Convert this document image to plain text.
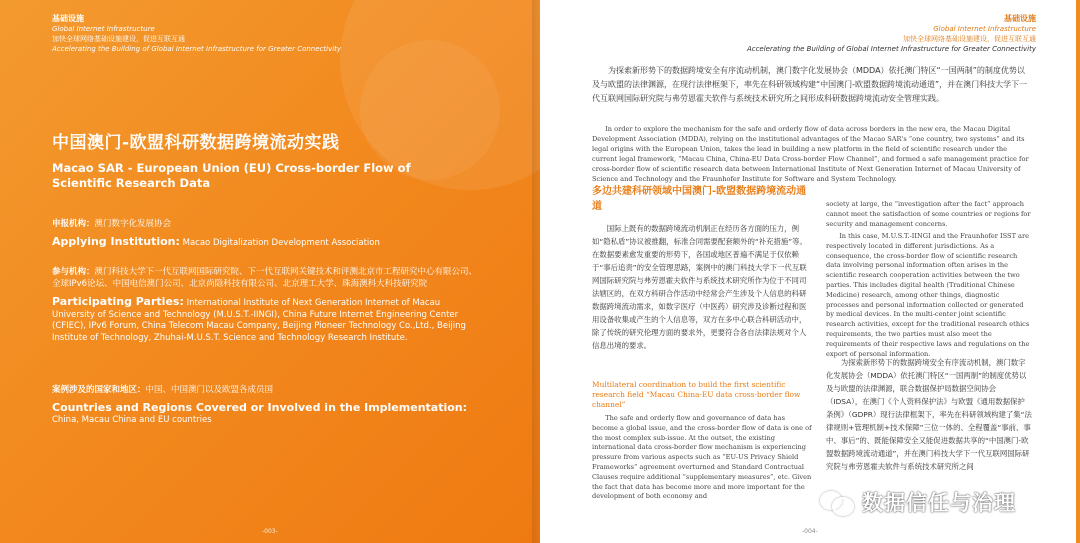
基础设施
Global Internet Infrastructure
加快全球网络基础设施建设，促进互联互通
Accelerating the Building of Global Internet Infrastructure for Greater Connectivity
中国澳门-欧盟科研数据跨境流动实践
Macao SAR - European Union (EU) Cross-border Flow of Scientific Research Data
申报机构：澳门数字化发展协会
Applying Institution: Macao Digitalization Development Association
参与机构：澳门科技大学下一代互联网国际研究院、下一代互联网关键技术和评测北京市工程研究中心有限公司、全球IPv6论坛、中国电信澳门公司、北京尚隐科技有限公司、北京理工大学、珠海澳科大科技研究院
Participating Parties: International Institute of Next Generation Internet of Macau University of Science and Technology (M.U.S.T.-IINGI), China Future Internet Engineering Center (CFIEC), IPv6 Forum, China Telecom Macau Company, Beijing Pioneer Technology Co.,Ltd., Beijing Institute of Technology, Zhuhai-M.U.S.T. Science and Technology Research Institute.
案例涉及的国家和地区：中国、中国澳门以及欧盟各成员国
Countries and Regions Covered or Involved in the Implementation:
China, Macau China and EU countries
-003-
基础设施
Global Internet Infrastructure
加快全球网络基础设施建设，促进互联互通
Accelerating the Building of Global Internet Infrastructure for Greater Connectivity
为探索新形势下的数据跨境安全有序流动机制，澳门数字化发展协会（MDDA）依托澳门特区“一国两制”的制度优势以及与欧盟的法律渊源，在现行法律框架下，率先在科研领域构建“中国澳门-欧盟数据跨境流动通道”，并在澳门科技大学下一代互联网国际研究院与弗劳恩霍夫软件与系统技术研究所之间形成科研数据跨境流动安全管理实践。
In order to explore the mechanism for the safe and orderly flow of data across borders in the new era, the Macau Digital Development Association (MDDA), relying on the institutional advantages of the Macao SAR's “one country, two systems” and its legal origins with the European Union, takes the lead in building a new platform in the field of scientific research under the current legal framework, “Macau China, China-EU Data Cross-border Flow Channel”, and formed a safe management practice for cross-border flow of scientific research data between International Institute of Next Generation Internet of Macau University of Science and Technology and the Fraunhofer Institute for Software and System Technology.
多边共建科研领域中国澳门-欧盟数据跨境流动通道
国际上既有的数据跨境流动机制正在经历各方面的压力，例如“隐私盾”协议被推翻，标准合同需要配套额外的“补充措施”等。在数据要素愈发重要的形势下，各国或地区普遍不满足于仅依赖于“事后追责”的安全管理思路，案例中的澳门科技大学下一代互联网国际研究院与弗劳恩霍夫软件与系统技术研究所作为位于不同司法辖区的，在双方科研合作活动中经常会产生涉及个人信息的科研数据跨境流动需求，如数字医疗（中医药）研究涉及诊断过程和医用设备收集或产生的个人信息等，双方在多中心联合科研活动中，除了传统的研究伦理方面的要求外，更要符合各自法律法规对个人信息出境的要求。
Multilateral coordination to build the first scientific research field “Macau China-EU data cross-border flow channel”
The safe and orderly flow and governance of data has become a global issue, and the cross-border flow of data is one of the most complex sub-issue. At the outset, the existing international data cross-border flow mechanism is experiencing pressure from various aspects such as “EU-US Privacy Shield Frameworks” agreement overturned and Standard Contractual Clauses require additional “supplementary measures”, etc. Given the fact that data has become more and more important for the development of both economy and
society at large, the “investigation after the fact” approach cannot meet the satisfaction of some countries or regions for security and management concerns.
In this case, M.U.S.T.-IINGI and the Fraunhofer ISST are respectively located in different jurisdictions. As a consequence, the cross-border flow of scientific research data involving personal information often arises in the scientific research cooperation activities between the two parties. This includes digital health (Traditional Chinese Medicine) research, among other things, diagnostic processes and personal information collected or generated by medical devices. In the multi-center joint scientific research activities, except for the traditional research ethics requirements, the two parties must also meet the requirements of their respective laws and regulations on the export of personal information.
为探索新形势下的数据跨境安全有序流动机制，澳门数字化发展协会（MDDA）依托澳门特区“一国两制”的制度优势以及与欧盟的法律渊源，联合数据保护局数据空间协会（IDSA），在澳门《个人资料保护法》与欧盟《通用数据保护条例》（GDPR）现行法律框架下，率先在科研领域构建了集“法律规则+管理机制+技术保障”三位一体的、全程覆盖“事前、事中、事后”的、既能保障安全又能促进数据共享的“中国澳门-欧盟数据跨境流动通道”，并在澳门科技大学下一代互联网国际研究院与弗劳恩霍夫软件与系统技术研究所之间
-004-
数据信任与治理
